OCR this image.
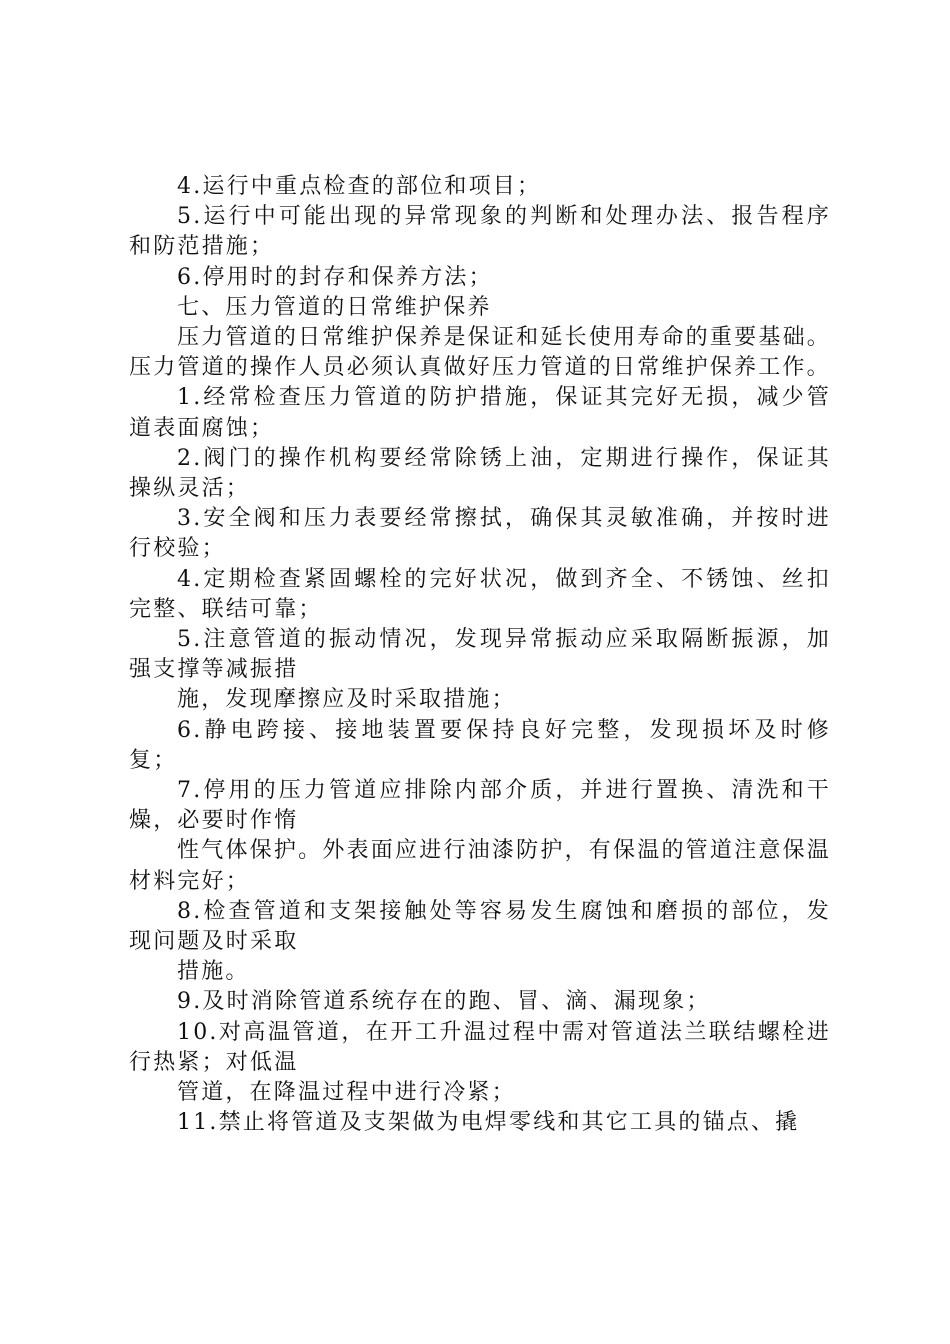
4.运行中重点检查的部位和项目；

5.运行中可能出现的异常现象的判断和处理办法、报告程序和防范措施；

6.停用时的封存和保养方法；

七、压力管道的日常维护保养

压力管道的日常维护保养是保证和延长使用寿命的重要基础。压力管道的操作人员必须认真做好压力管道的日常维护保养工作。

1.经常检查压力管道的防护措施，保证其完好无损，减少管道表面腐蚀；

2.阀门的操作机构要经常除锈上油，定期进行操作，保证其操纵灵活；

3.安全阀和压力表要经常擦拭，确保其灵敏准确，并按时进行校验；

4.定期检查紧固螺栓的完好状况，做到齐全、不锈蚀、丝扣完整、联结可靠；

5.注意管道的振动情况，发现异常振动应采取隔断振源，加强支撑等减振措

施，发现摩擦应及时采取措施；

6.静电跨接、接地装置要保持良好完整，发现损坏及时修复；

7.停用的压力管道应排除内部介质，并进行置换、清洗和干燥，必要时作惰

性气体保护。外表面应进行油漆防护，有保温的管道注意保温材料完好；

8.检查管道和支架接触处等容易发生腐蚀和磨损的部位，发现问题及时采取

措施。

9.及时消除管道系统存在的跑、冒、滴、漏现象；

10.对高温管道，在开工升温过程中需对管道法兰联结螺栓进行热紧；对低温

管道，在降温过程中进行冷紧；

11.禁止将管道及支架做为电焊零线和其它工具的锚点、撬
